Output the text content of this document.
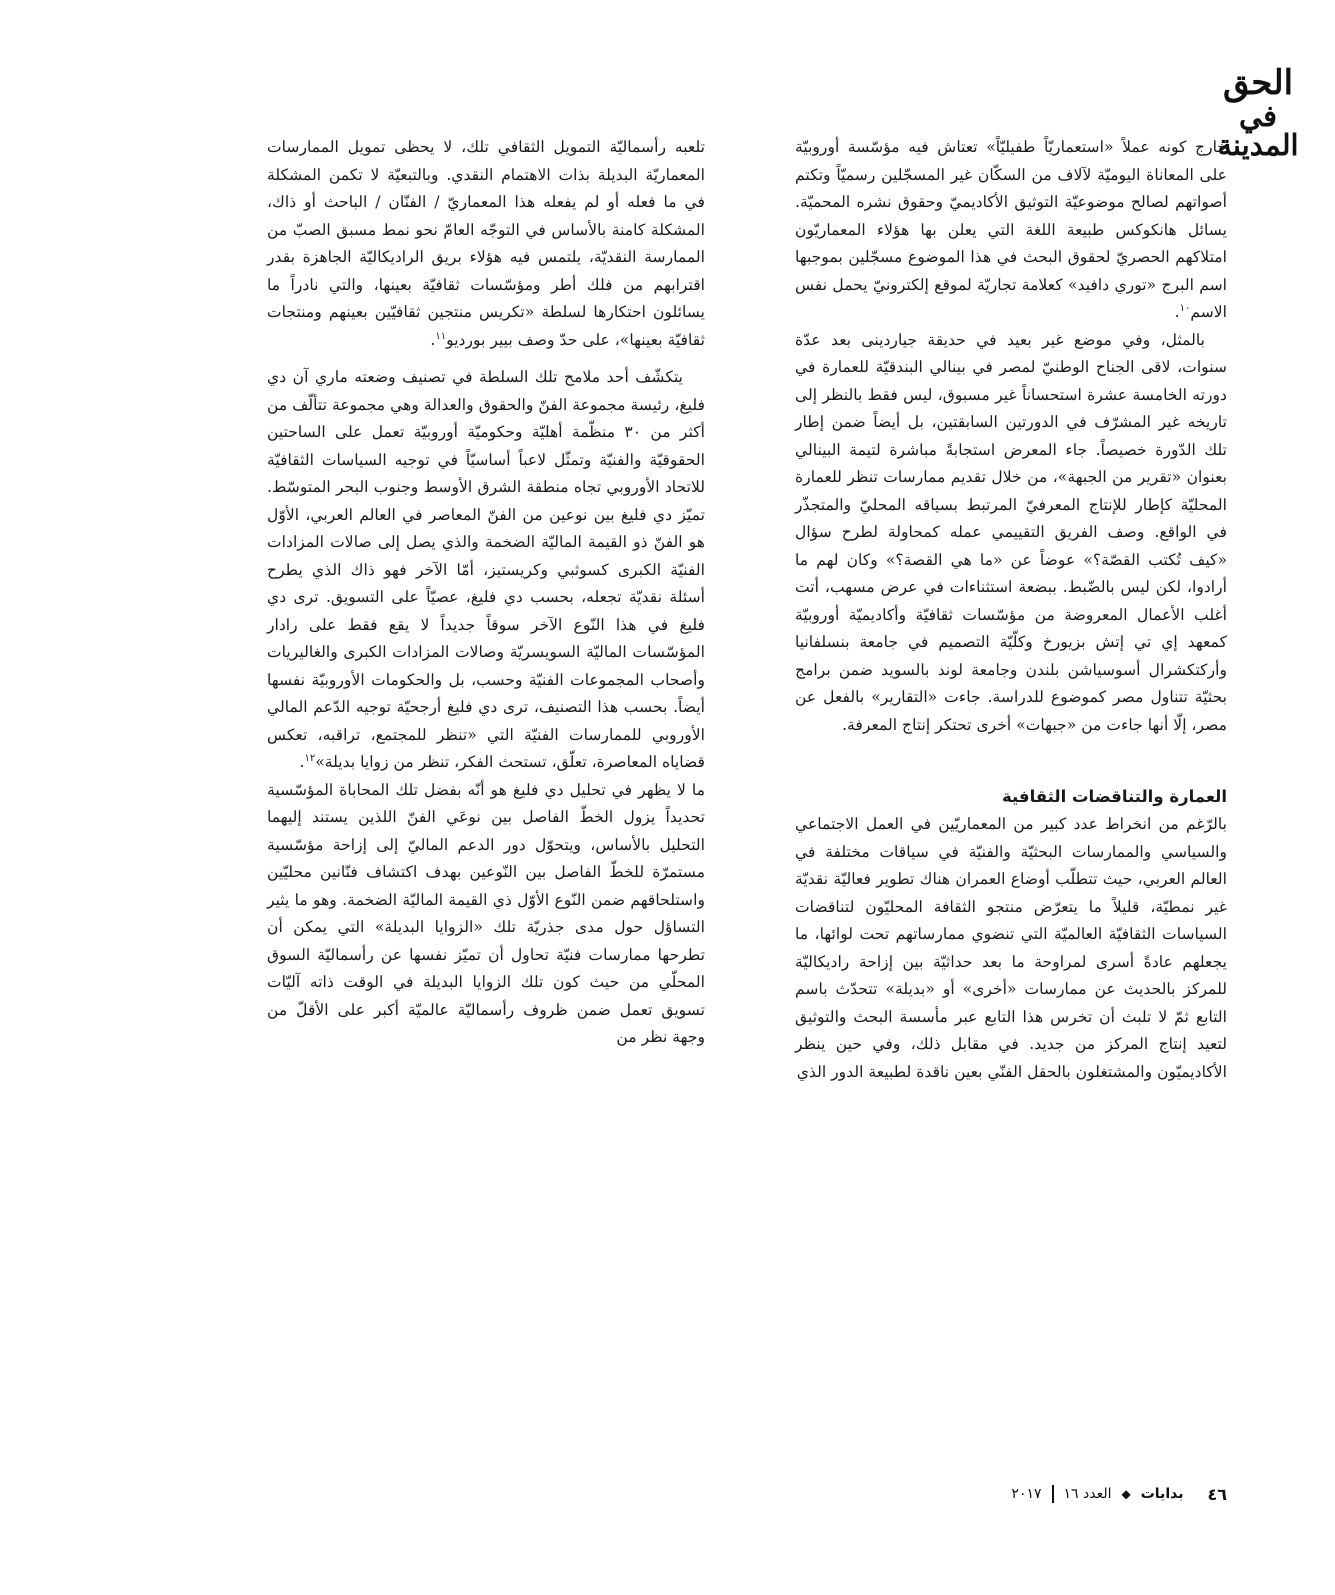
الحق
في المدينة

خارج كونه عملاً «استعماريّاً طفيليّاً» تعتاش فيه مؤسّسة أوروبيّة على المعاناة اليوميّة لآلاف من السكّان غير المسجّلين رسميّاً وتكتم أصواتهم لصالح موضوعيّة التوثيق الأكاديميّ وحقوق نشره المحميّة. يسائل هانكوكس طبيعة اللغة التي يعلن بها هؤلاء المعماريّون امتلاكهم الحصريّ لحقوق البحث في هذا الموضوع مسجّلين بموجبها اسم البرج «توري دافيد» كعلامة تجاريّة لموقع إلكترونيّ يحمل نفس الاسم$^{١٠}$.

بالمثل، وفي موضع غير بعيد في حديقة جياردينى بعد عدّة سنوات، لاقى الجناح الوطنيّ لمصر في بينالي البندقيّة للعمارة في دورته الخامسة عشرة استحساناً غير مسبوق، ليس فقط بالنظر إلى تاريخه غير المشرّف في الدورتين السابقتين، بل أيضاً ضمن إطار تلك الدّورة خصيصاً. جاء المعرض استجابةً مباشرة لتيمة البينالي بعنوان «تقرير من الجبهة»، من خلال تقديم ممارسات تنظر للعمارة المحليّة كإطار للإنتاج المعرفيّ المرتبط بسياقه المحليّ والمتجذّر في الواقع. وصف الفريق التقييمي عمله كمحاولة لطرح سؤال «كيف تُكتب القصّة؟» عوضاً عن «ما هي القصة؟» وكان لهم ما أرادوا، لكن ليس بالضّبط. ببضعة استثناءات في عرض مسهب، أتت أغلب الأعمال المعروضة من مؤسّسات ثقافيّة وأكاديميّة أوروبيّة كمعهد إي تي إتش بزيورخ وكلّيّة التصميم في جامعة بنسلفانيا وأركتكشرال أسوسياشن بلندن وجامعة لوند بالسويد ضمن برامج بحثيّة تتناول مصر كموضوع للدراسة. جاءت «التقارير» بالفعل عن مصر، إلّا أنها جاءت من «جبهات» أخرى تحتكر إنتاج المعرفة.

العمارة والتناقضات الثقافية

بالرّغم من انخراط عدد كبير من المعماريّين في العمل الاجتماعي والسياسي والممارسات البحثيّة والفنيّة في سياقات مختلفة في العالم العربي، حيث تتطلّب أوضاع العمران هناك تطوير فعاليّة نقديّة غير نمطيّة، قليلاً ما يتعرّض منتجو الثقافة المحليّون لتناقضات السياسات الثقافيّة العالميّة التي تنضوي ممارساتهم تحت لوائها، ما يجعلهم عادةً أسرى لمراوحة ما بعد حداثيّة بين إزاحة راديكاليّة للمركز بالحديث عن ممارسات «أخرى» أو «بديلة» تتحدّث باسم التابع ثمّ لا تلبث أن تخرس هذا التابع عبر مأسسة البحث والتوثيق لتعيد إنتاج المركز من جديد. في مقابل ذلك، وفي حين ينظر الأكاديميّون والمشتغلون بالحقل الفنّي بعين ناقدة لطبيعة الدور الذي

تلعبه رأسماليّة التمويل الثقافي تلك، لا يحظى تمويل الممارسات المعماريّة البديلة بذات الاهتمام النقدي. وبالتبعيّة لا تكمن المشكلة في ما فعله أو لم يفعله هذا المعماريّ / الفنّان / الباحث أو ذاك، المشكلة كامنة بالأساس في التوجّه العامّ نحو نمط مسبق الصبّ من الممارسة النقديّة، يلتمس فيه هؤلاء بريق الراديكاليّة الجاهزة بقدر اقترابهم من فلك أطر ومؤسّسات ثقافيّة بعينها، والتي نادراً ما يسائلون احتكارها لسلطة «تكريس منتجين ثقافيّين بعينهم ومنتجات ثقافيّة بعينها»، على حدّ وصف بيير بورديو$^{١١}$.

يتكشّف أحد ملامح تلك السلطة في تصنيف وضعته ماري آن دي فليغ، رئيسة مجموعة الفنّ والحقوق والعدالة وهي مجموعة تتألّف من أكثر من ٣٠ منظّمة أهليّة وحكوميّة أوروبيّة تعمل على الساحتين الحقوقيّة والفنيّة وتمثّل لاعباً أساسيّاً في توجيه السياسات الثقافيّة للاتحاد الأوروبي تجاه منطقة الشرق الأوسط وجنوب البحر المتوسّط. تميّز دي فليغ بين نوعين من الفنّ المعاصر في العالم العربي، الأوّل هو الفنّ ذو القيمة الماليّة الضخمة والذي يصل إلى صالات المزادات الفنيّة الكبرى كسوثبي وكريستيز، أمّا الآخر فهو ذاك الذي يطرح أسئلة نقديّة تجعله، بحسب دي فليغ، عصيّاً على التسويق. ترى دي فليغ في هذا النّوع الآخر سوقاً جديداً لا يقع فقط على رادار المؤسّسات الماليّة السويسريّة وصالات المزادات الكبرى والغاليريات وأصحاب المجموعات الفنيّة وحسب، بل والحكومات الأوروبيّة نفسها أيضاً. بحسب هذا التصنيف، ترى دي فليغ أرجحيّة توجيه الدّعم المالي الأوروبي للممارسات الفنيّة التي «تنظر للمجتمع، تراقبه، تعكس قضاياه المعاصرة، تعلّق، تستحث الفكر، تنظر من زوايا بديلة»$^{١٢}$.

ما لا يظهر في تحليل دي فليغ هو أنّه بفضل تلك المحاباة المؤسّسية تحديداً يزول الخطّ الفاصل بين نوعَي الفنّ اللذين يستند إليهما التحليل بالأساس، ويتحوّل دور الدعم الماليّ إلى إزاحة مؤسّسية مستمرّة للخطّ الفاصل بين النّوعين بهدف اكتشاف فنّانين محليّين واستلحاقهم ضمن النّوع الأوّل ذي القيمة الماليّة الضخمة. وهو ما يثير التساؤل حول مدى جذريّة تلك «الزوايا البديلة» التي يمكن أن تطرحها ممارسات فنيّة تحاول أن تميّز نفسها عن رأسماليّة السوق المحلّي من حيث كون تلك الزوايا البديلة في الوقت ذاته آليّات تسويق تعمل ضمن ظروف رأسماليّة عالميّة أكبر على الأقلّ من وجهة نظر من

٤٦
بدايات
◆
العدد ١٦
٢٠١٧
